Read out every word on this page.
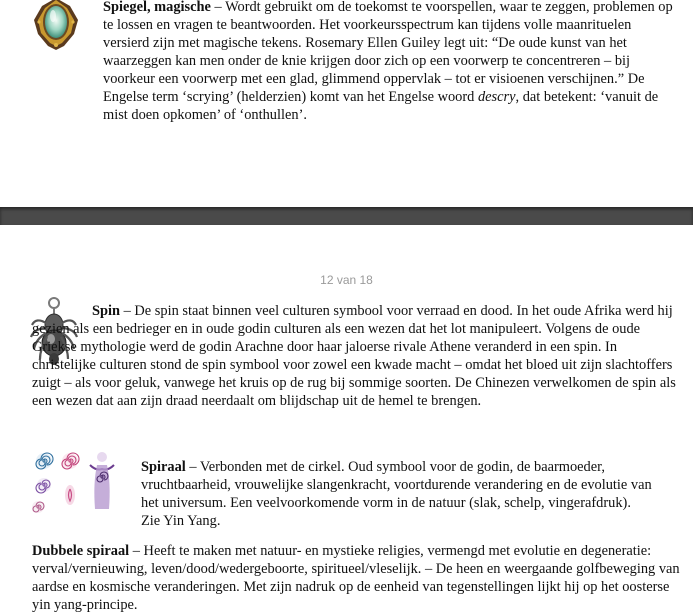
Spiegel, magische – Wordt gebruikt om de toekomst te voorspellen, waar te zeggen, problemen op te lossen en vragen te beantwoorden. Het voorkeursspectrum kan tijdens volle maanrituelen versierd zijn met magische tekens. Rosemary Ellen Guiley legt uit: “De oude kunst van het waarzeggen kan men onder de knie krijgen door zich op een voorwerp te concentreren – bij voorkeur een voorwerp met een glad, glimmend oppervlak – tot er visioenen verschijnen.” De Engelse term ‘scrying’ (helderzien) komt van het Engelse woord descry, dat betekent: ‘vanuit de mist doen opkomen’ of ‘onthullen’.

12 van 18

Spin – De spin staat binnen veel culturen symbool voor verraad en dood. In het oude Afrika werd hij gezien als een bedrieger en in oude godin culturen als een wezen dat het lot manipuleert. Volgens de oude Griekse mythologie werd de godin Arachne door haar jaloerse rivale Athene veranderd in een spin. In christelijke culturen stond de spin symbool voor zowel een kwade macht – omdat het bloed uit zijn slachtoffers zuigt – als voor geluk, vanwege het kruis op de rug bij sommige soorten. De Chinezen verwelkomen de spin als een wezen dat aan zijn draad neerdaalt om blijdschap uit de hemel te brengen.

Spiraal – Verbonden met de cirkel. Oud symbool voor de godin, de baarmoeder, vruchtbaarheid, vrouwelijke slangenkracht, voortdurende verandering en de evolutie van het universum. Een veelvoorkomende vorm in de natuur (slak, schelp, vingerafdruk).
Zie Yin Yang.

Dubbele spiraal – Heeft te maken met natuur- en mystieke religies, vermengd met evolutie en degeneratie: verval/vernieuwing, leven/dood/wedergeboorte, spiritueel/vleselijk. – De heen en weergaande golfbeweging van aardse en kosmische veranderingen. Met zijn nadruk op de eenheid van tegenstellingen lijkt hij op het oosterse yin yang-principe.
